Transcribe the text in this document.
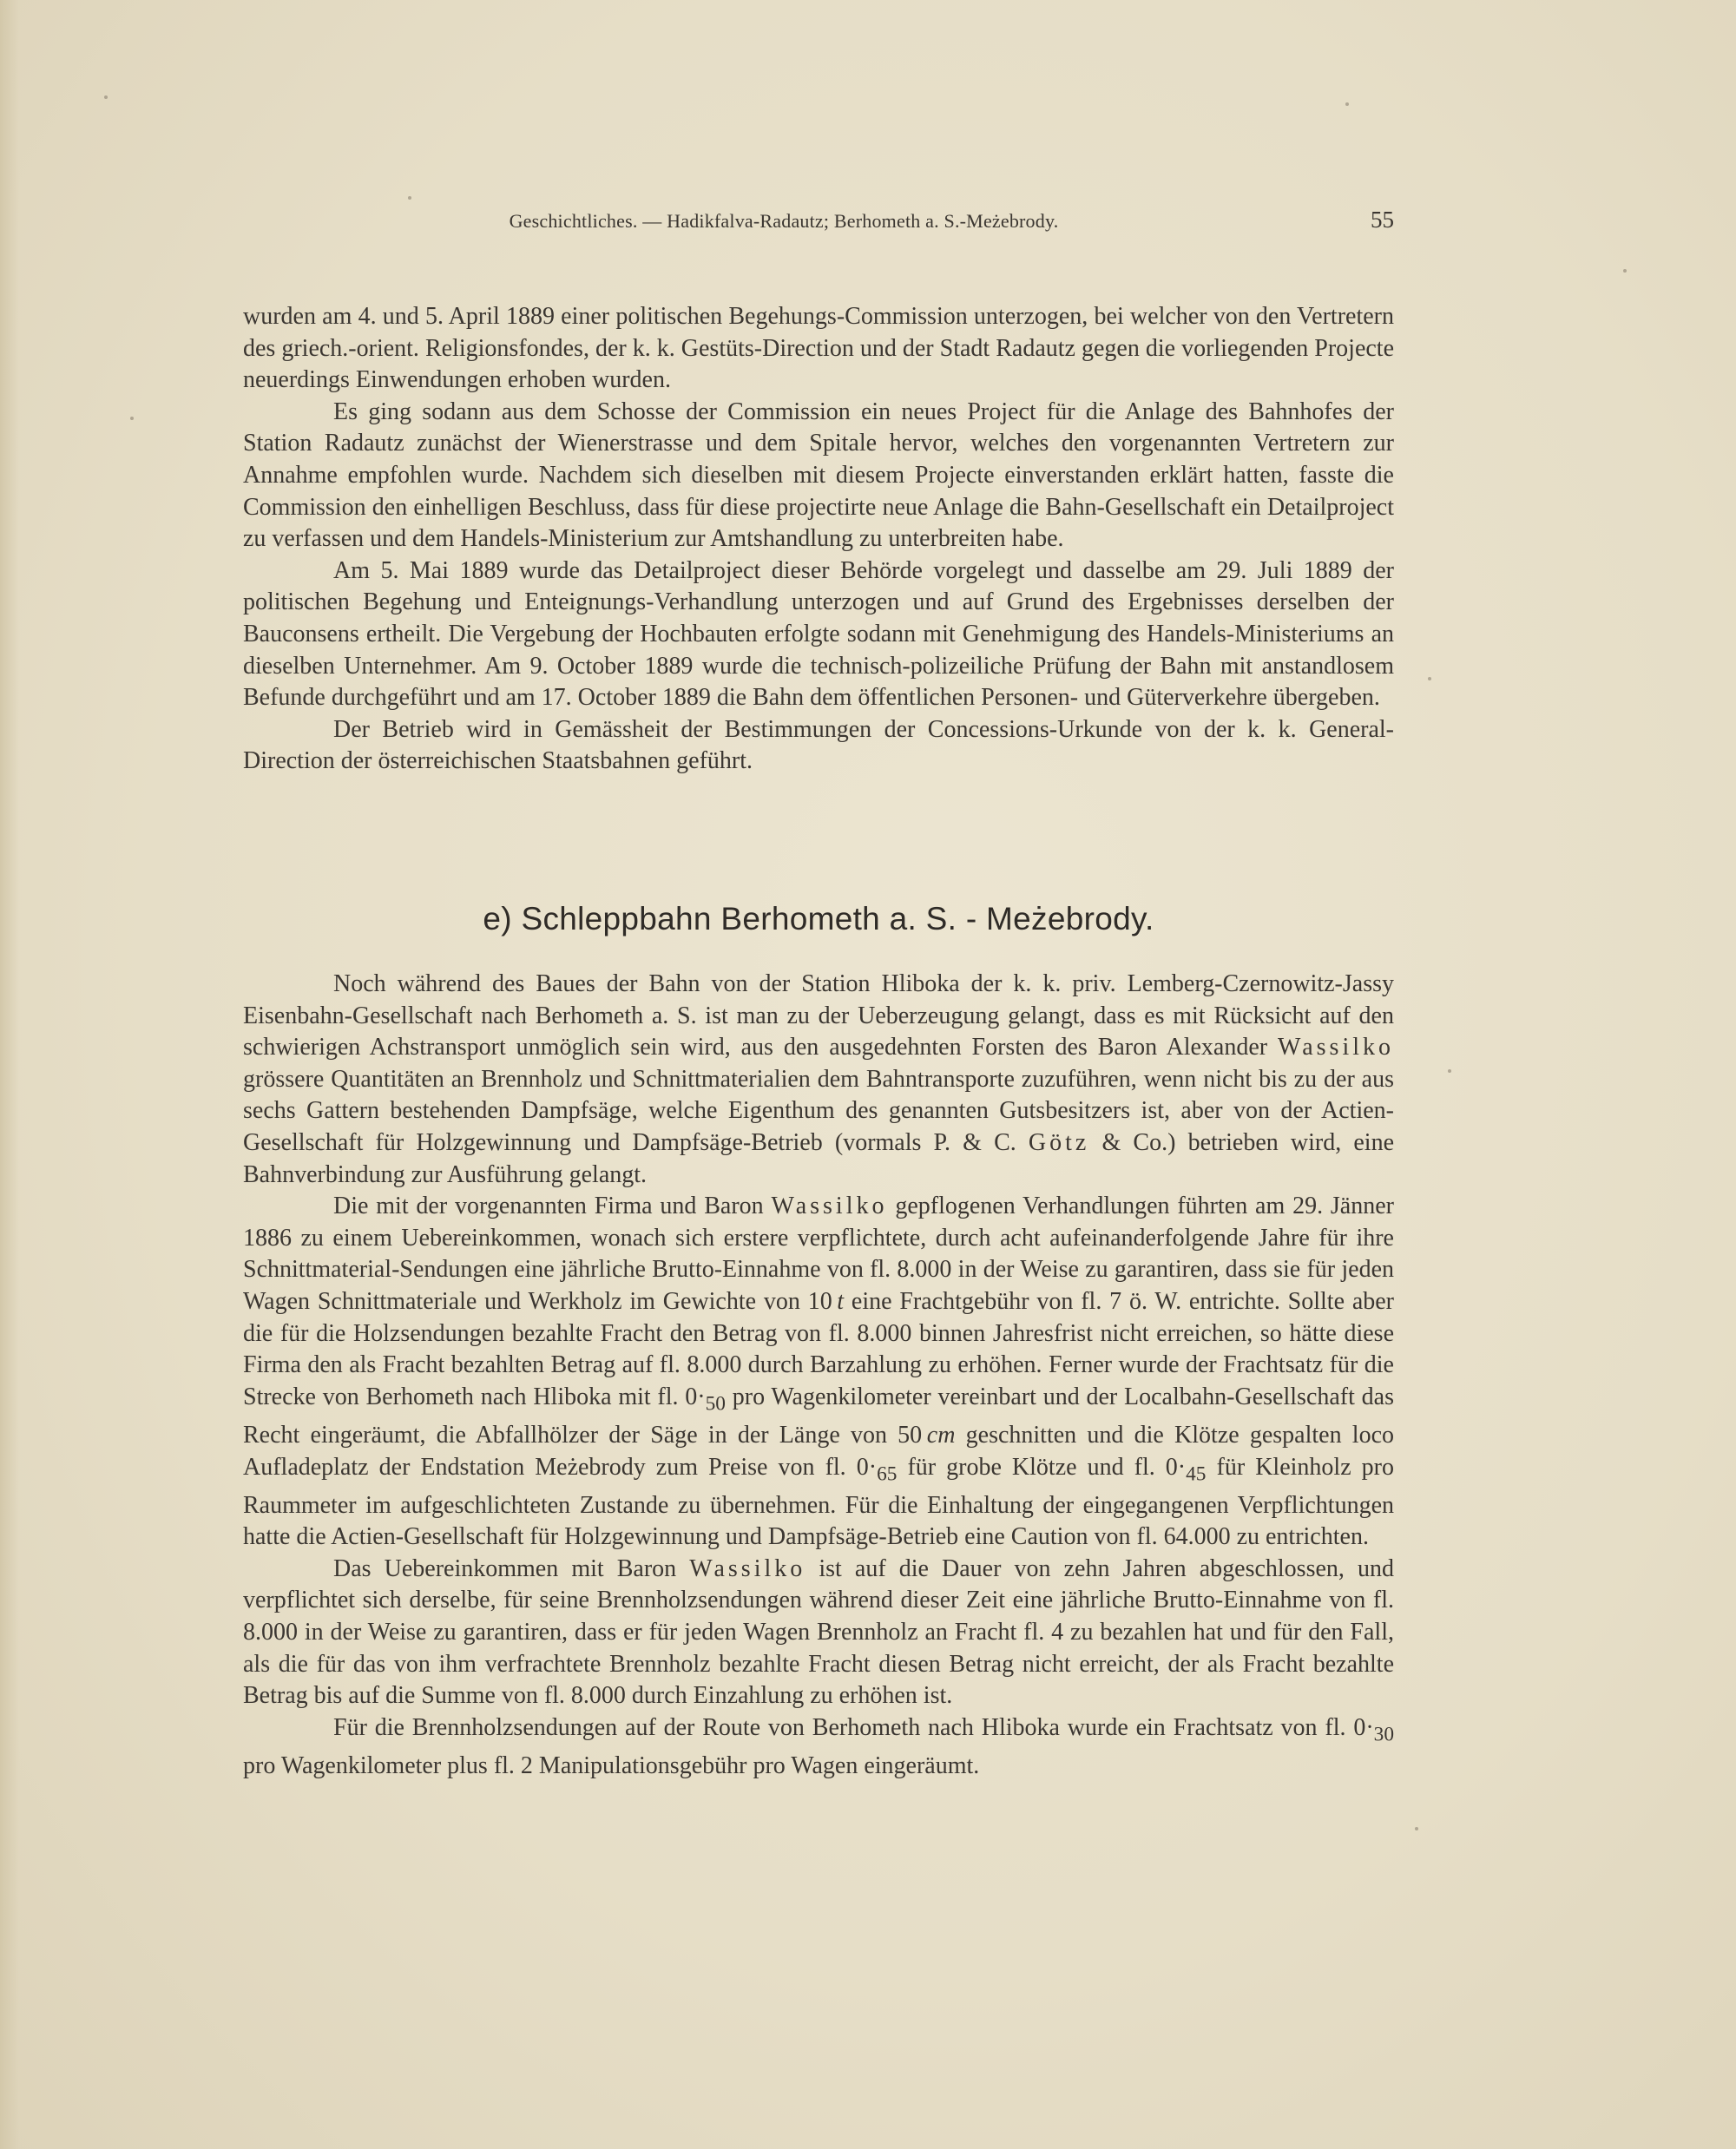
Geschichtliches. — Hadikfalva-Radautz; Berhometh a. S.-Meżebrody.	55

wurden am 4. und 5. April 1889 einer politischen Begehungs-Commission unterzogen, bei welcher von den Vertretern des griech.-orient. Religionsfondes, der k. k. Gestüts-Direction und der Stadt Radautz gegen die vorliegenden Projecte neuerdings Einwendungen erhoben wurden.

Es ging sodann aus dem Schosse der Commission ein neues Project für die Anlage des Bahnhofes der Station Radautz zunächst der Wienerstrasse und dem Spitale hervor, welches den vorgenannten Vertretern zur Annahme empfohlen wurde. Nachdem sich dieselben mit diesem Projecte einverstanden erklärt hatten, fasste die Commission den einhelligen Beschluss, dass für diese projectirte neue Anlage die Bahn-Gesellschaft ein Detailproject zu verfassen und dem Handels-Ministerium zur Amtshandlung zu unterbreiten habe.

Am 5. Mai 1889 wurde das Detailproject dieser Behörde vorgelegt und dasselbe am 29. Juli 1889 der politischen Begehung und Enteignungs-Verhandlung unterzogen und auf Grund des Ergebnisses derselben der Bauconsens ertheilt. Die Vergebung der Hochbauten erfolgte sodann mit Genehmigung des Handels-Ministeriums an dieselben Unternehmer. Am 9. October 1889 wurde die technisch-polizeiliche Prüfung der Bahn mit anstandlosem Befunde durchgeführt und am 17. October 1889 die Bahn dem öffentlichen Personen- und Güterverkehre übergeben.

Der Betrieb wird in Gemässheit der Bestimmungen der Concessions-Urkunde von der k. k. General-Direction der österreichischen Staatsbahnen geführt.

e) Schleppbahn Berhometh a. S. - Meżebrody.

Noch während des Baues der Bahn von der Station Hliboka der k. k. priv. Lemberg-Czernowitz-Jassy Eisenbahn-Gesellschaft nach Berhometh a. S. ist man zu der Ueberzeugung gelangt, dass es mit Rücksicht auf den schwierigen Achstransport unmöglich sein wird, aus den ausgedehnten Forsten des Baron Alexander Wassilko grössere Quantitäten an Brennholz und Schnittmaterialien dem Bahntransporte zuzuführen, wenn nicht bis zu der aus sechs Gattern bestehenden Dampfsäge, welche Eigenthum des genannten Gutsbesitzers ist, aber von der Actien-Gesellschaft für Holzgewinnung und Dampfsäge-Betrieb (vormals P. & C. Götz & Co.) betrieben wird, eine Bahnverbindung zur Ausführung gelangt.

Die mit der vorgenannten Firma und Baron Wassilko gepflogenen Verhandlungen führten am 29. Jänner 1886 zu einem Uebereinkommen, wonach sich erstere verpflichtete, durch acht aufeinanderfolgende Jahre für ihre Schnittmaterial-Sendungen eine jährliche Brutto-Einnahme von fl. 8.000 in der Weise zu garantiren, dass sie für jeden Wagen Schnittmateriale und Werkholz im Gewichte von 10  t eine Frachtgebühr von fl. 7 ö. W. entrichte. Sollte aber die für die Holzsendungen bezahlte Fracht den Betrag von fl. 8.000 binnen Jahresfrist nicht erreichen, so hätte diese Firma den als Fracht bezahlten Betrag auf fl. 8.000 durch Barzahlung zu erhöhen. Ferner wurde der Frachtsatz für die Strecke von Berhometh nach Hliboka mit fl. $0\cdot_{50}$ pro Wagenkilometer vereinbart und der Localbahn-Gesellschaft das Recht eingeräumt, die Abfallhölzer der Säge in der Länge von 50  cm geschnitten und die Klötze gespalten loco Aufladeplatz der Endstation Meżebrody zum Preise von fl. $0\cdot_{65}$ für grobe Klötze und fl. $0\cdot_{45}$ für Kleinholz pro Raummeter im aufgeschlichteten Zustande zu übernehmen. Für die Einhaltung der eingegangenen Verpflichtungen hatte die Actien-Gesellschaft für Holzgewinnung und Dampfsäge-Betrieb eine Caution von fl. 64.000 zu entrichten.

Das Uebereinkommen mit Baron Wassilko ist auf die Dauer von zehn Jahren abgeschlossen, und verpflichtet sich derselbe, für seine Brennholzsendungen während dieser Zeit eine jährliche Brutto-Einnahme von fl. 8.000 in der Weise zu garantiren, dass er für jeden Wagen Brennholz an Fracht fl. 4 zu bezahlen hat und für den Fall, als die für das von ihm verfrachtete Brennholz bezahlte Fracht diesen Betrag nicht erreicht, der als Fracht bezahlte Betrag bis auf die Summe von fl. 8.000 durch Einzahlung zu erhöhen ist.

Für die Brennholzsendungen auf der Route von Berhometh nach Hliboka wurde ein Frachtsatz von fl. $0\cdot_{30}$ pro Wagenkilometer plus fl. 2 Manipulationsgebühr pro Wagen eingeräumt.
